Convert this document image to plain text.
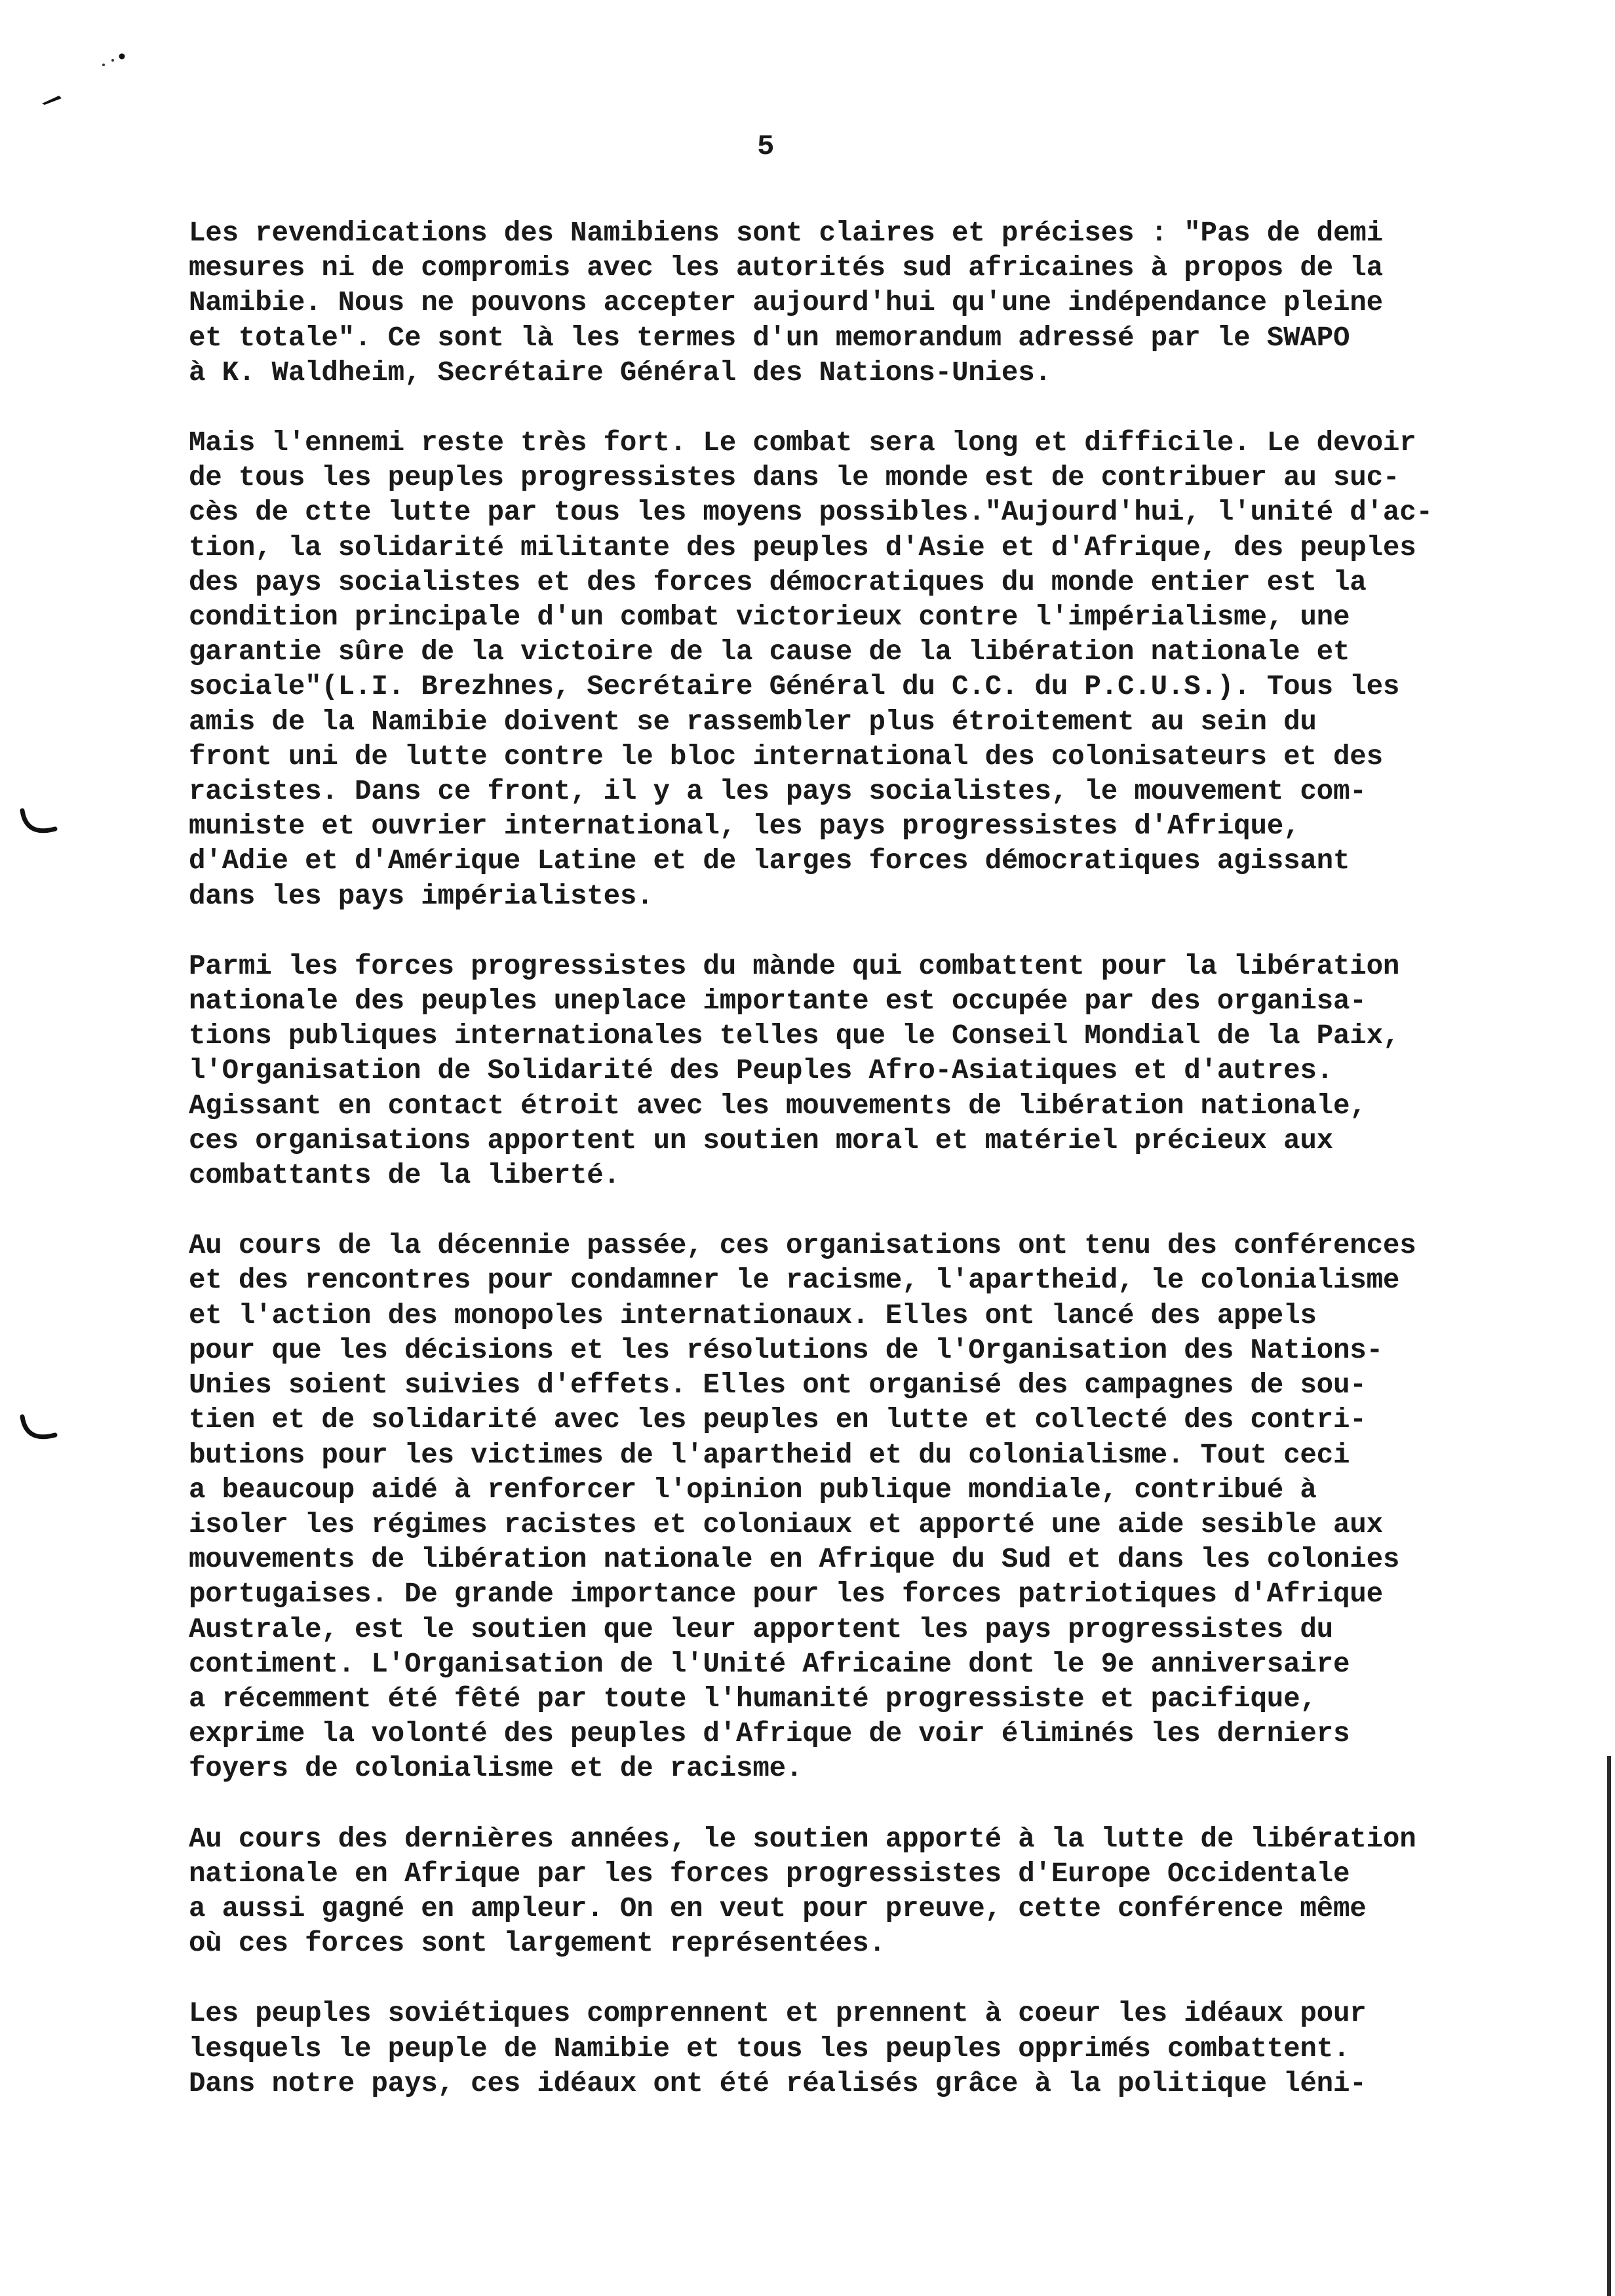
5
Les revendications des Namibiens sont claires et précises : "Pas de demi
mesures ni de compromis avec les autorités sud africaines à propos de la
Namibie. Nous ne pouvons accepter aujourd'hui qu'une indépendance pleine
et totale". Ce sont là les termes d'un memorandum adressé par le SWAPO
à K. Waldheim, Secrétaire Général des Nations-Unies.
Mais l'ennemi reste très fort. Le combat sera long et difficile. Le devoir
de tous les peuples progressistes dans le monde est de contribuer au suc-
cès de ctte lutte par tous les moyens possibles."Aujourd'hui, l'unité d'ac-
tion, la solidarité militante des peuples d'Asie et d'Afrique, des peuples
des pays socialistes et des forces démocratiques du monde entier est la
condition principale d'un combat victorieux contre l'impérialisme, une
garantie sûre de la victoire de la cause de la libération nationale et
sociale"(L.I. Brezhnes, Secrétaire Général du C.C. du P.C.U.S.). Tous les
amis de la Namibie doivent se rassembler plus étroitement au sein du
front uni de lutte contre le bloc international des colonisateurs et des
racistes. Dans ce front, il y a les pays socialistes, le mouvement com-
muniste et ouvrier international, les pays progressistes d'Afrique,
d'Adie et d'Amérique Latine et de larges forces démocratiques agissant
dans les pays impérialistes.
Parmi les forces progressistes du mànde qui combattent pour la libération
nationale des peuples uneplace importante est occupée par des organisa-
tions publiques internationales telles que le Conseil Mondial de la Paix,
l'Organisation de Solidarité des Peuples Afro-Asiatiques et d'autres.
Agissant en contact étroit avec les mouvements de libération nationale,
ces organisations apportent un soutien moral et matériel précieux aux
combattants de la liberté.
Au cours de la décennie passée, ces organisations ont tenu des conférences
et des rencontres pour condamner le racisme, l'apartheid, le colonialisme
et l'action des monopoles internationaux. Elles ont lancé des appels
pour que les décisions et les résolutions de l'Organisation des Nations-
Unies soient suivies d'effets. Elles ont organisé des campagnes de sou-
tien et de solidarité avec les peuples en lutte et collecté des contri-
butions pour les victimes de l'apartheid et du colonialisme. Tout ceci
a beaucoup aidé à renforcer l'opinion publique mondiale, contribué à
isoler les régimes racistes et coloniaux et apporté une aide sesible aux
mouvements de libération nationale en Afrique du Sud et dans les colonies
portugaises. De grande importance pour les forces patriotiques d'Afrique
Australe, est le soutien que leur apportent les pays progressistes du
contiment. L'Organisation de l'Unité Africaine dont le 9e anniversaire
a récemment été fêté par toute l'humanité progressiste et pacifique,
exprime la volonté des peuples d'Afrique de voir éliminés les derniers
foyers de colonialisme et de racisme.
Au cours des dernières années, le soutien apporté à la lutte de libération
nationale en Afrique par les forces progressistes d'Europe Occidentale
a aussi gagné en ampleur. On en veut pour preuve, cette conférence même
où ces forces sont largement représentées.
Les peuples soviétiques comprennent et prennent à coeur les idéaux pour
lesquels le peuple de Namibie et tous les peuples opprimés combattent.
Dans notre pays, ces idéaux ont été réalisés grâce à la politique léni-
